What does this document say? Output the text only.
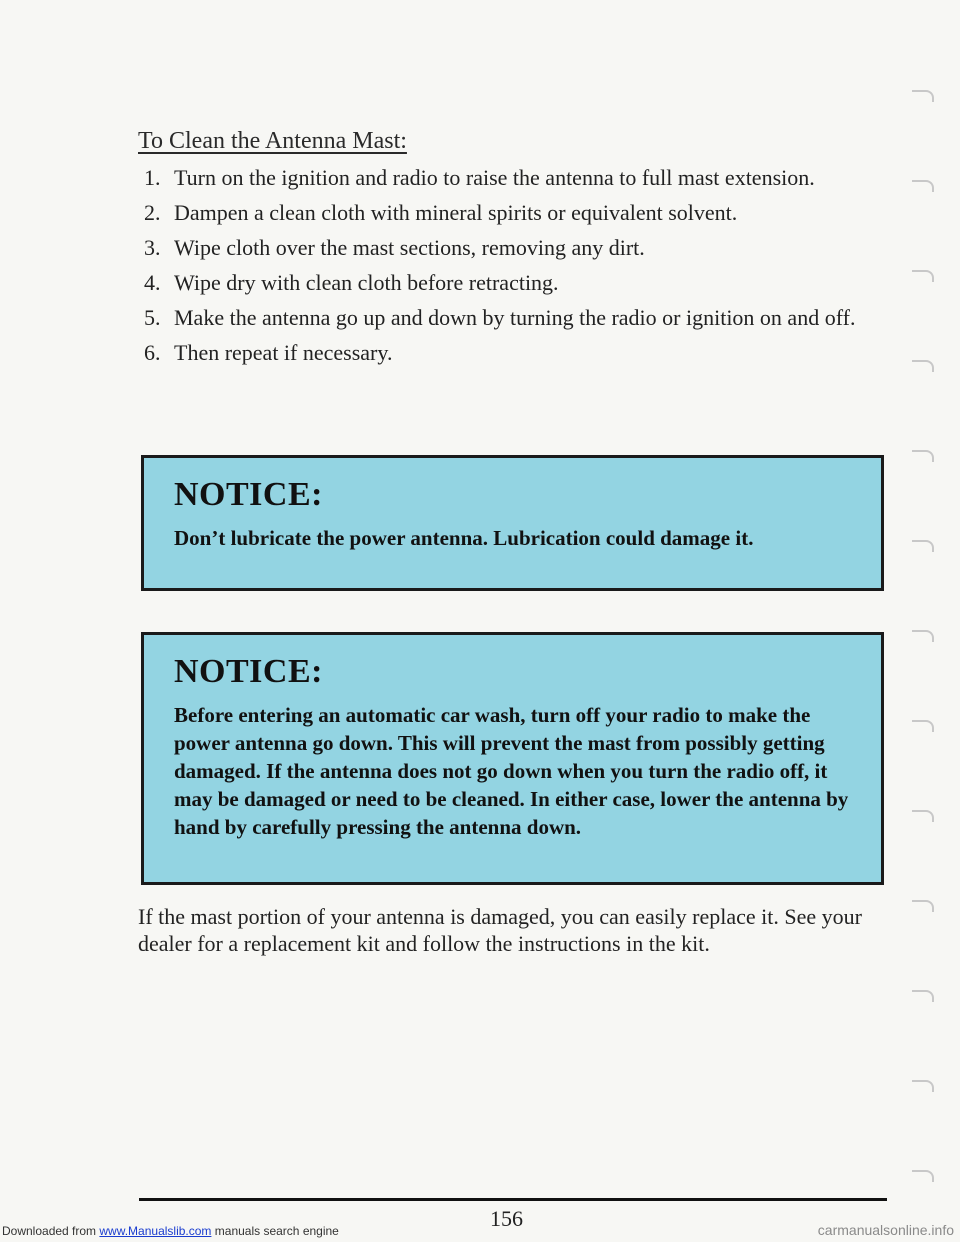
To Clean the Antenna Mast:
1. Turn on the ignition and radio to raise the antenna to full mast extension.
2. Dampen a clean cloth with mineral spirits or equivalent solvent.
3. Wipe cloth over the mast sections, removing any dirt.
4. Wipe dry with clean cloth before retracting.
5. Make the antenna go up and down by turning the radio or ignition on and off.
6. Then repeat if necessary.
NOTICE:

Don’t lubricate the power antenna. Lubrication could damage it.

NOTICE:

Before entering an automatic car wash, turn off your radio to make the power antenna go down. This will prevent the mast from possibly getting damaged. If the antenna does not go down when you turn the radio off, it may be damaged or need to be cleaned. In either case, lower the antenna by hand by carefully pressing the antenna down.

If the mast portion of your antenna is damaged, you can easily replace it. See your dealer for a replacement kit and follow the instructions in the kit.

156
Downloaded from www.Manualslib.com manuals search engine	carmanualsonline.info
